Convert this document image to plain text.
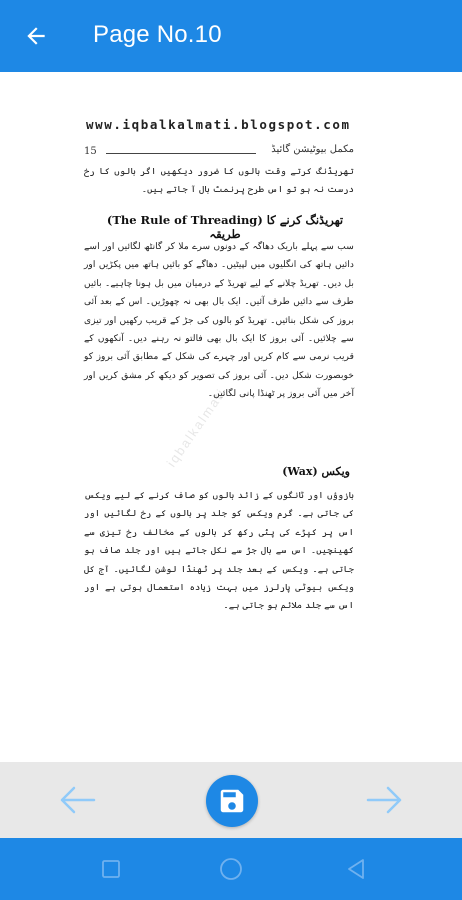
Page No.10
www.iqbalkalmati.blogspot.com
15	مکمل بیوٹیشن گائیڈ
تھریڈنگ کرتے وقت بالوں کا ضرور دیکھیں اگر بالوں کا رخ درست نہ ہو تو اس طرح پرنمٹ بال آ جاتے ہیں۔
(The Rule of Threading) تھریڈنگ کرنے کا طریقہ
سب سے پہلے باریک دھاگہ کے دونوں سرے ملا کر گانٹھ لگائیں اور اسے دائیں ہاتھ کی انگلیوں میں لپیٹیں۔ دھاگے کو بائیں ہاتھ میں پکڑیں اور بل دیں۔ تھریڈ چلانے کے لیے تھریڈ کے درمیان میں بل ہونا چاہیے۔ بائیں طرف سے دائیں طرف آئیں۔ ایک بال بھی نہ چھوڑیں۔ اس کے بعد آئی بروز کی شکل بنائیں۔ تھریڈ کو بالوں کی جڑ کے قریب رکھیں اور تیزی سے چلائیں۔ آئی بروز کا ایک بال بھی فالتو نہ رہنے دیں۔ آنکھوں کے قریب نرمی سے کام کریں اور چہرے کی شکل کے مطابق آئی بروز کو خوبصورت شکل دیں۔ آئی بروز کی تصویر کو دیکھ کر مشق کریں اور آخر میں آئی بروز پر ٹھنڈا پانی لگائیں۔
(Wax) ویکس
بازوؤں اور ٹانگوں کے زائد بالوں کو صاف کرنے کے لیے ویکس کی جاتی ہے۔ گرم ویکس کو جلد پر بالوں کے رخ لگائیں اور اس پر کپڑے کی پٹی رکھ کر بالوں کے مخالف رخ تیزی سے کھینچیں۔ اس سے بال جڑ سے نکل جاتے ہیں اور جلد صاف ہو جاتی ہے۔ ویکس کے بعد جلد پر ٹھنڈا لوشن لگائیں۔ آج کل ویکس بیوٹی پارلرز میں بہت زیادہ استعمال ہوتی ہے اور اس سے جلد ملائم ہو جاتی ہے۔
iqbalkalmati
